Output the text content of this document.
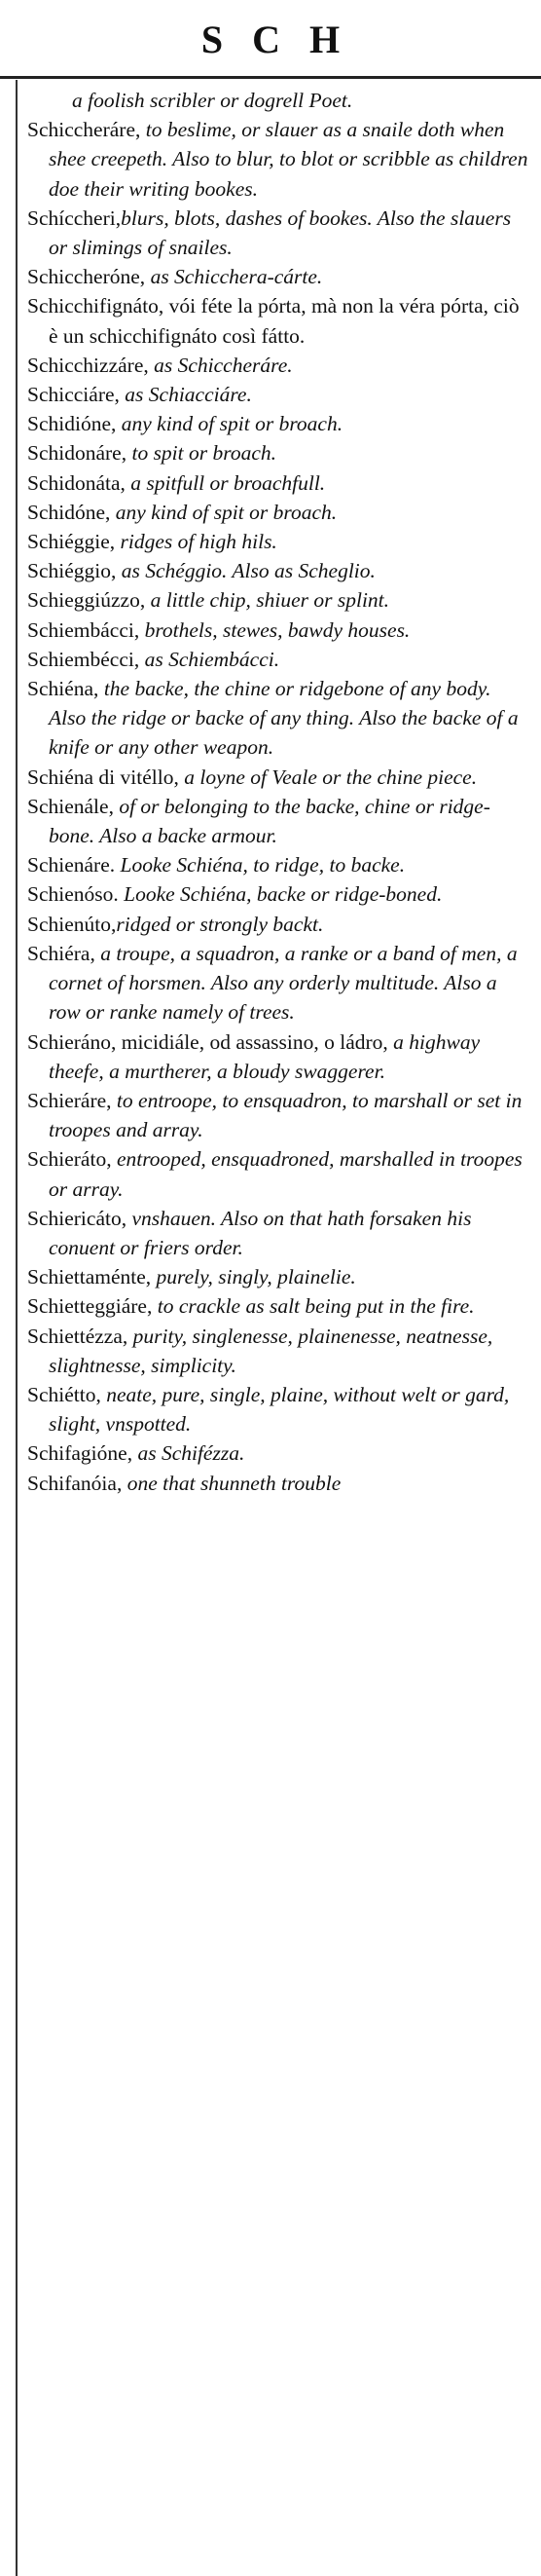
SCH

a foolish scribler or dogrell Poet.

Schiccheráre, to beslime, or slauer as a snaile doth when shee creepeth. Also to blur, to blot or scribble as children doe their writing bookes.

Schíccheri,blurs, blots, dashes of bookes. Also the slauers or slimings of snailes.

Schiccheróne, as Schicchera-cárte.

Schicchifignáto, vói féte la pórta, mà non la véra pórta, ciò è un schicchifignáto così fátto.

Schicchizzáre, as Schiccheráre.

Schicciáre, as Schiacciáre.

Schidióne, any kind of spit or broach.

Schidonáre, to spit or broach.

Schidonáta, a spitfull or broachfull.

Schidóne, any kind of spit or broach.

Schiéggie, ridges of high hils.

Schiéggio, as Schéggio. Also as Scheglio.

Schieggiúzzo, a little chip, shiuer or splint.

Schiembácci, brothels, stewes, bawdy houses.

Schiembécci, as Schiembácci.

Schiéna, the backe, the chine or ridgebone of any body. Also the ridge or backe of any thing. Also the backe of a knife or any other weapon.

Schiéna di vitéllo, a loyne of Veale or the chine piece.

Schienále, of or belonging to the backe, chine or ridge-bone. Also a backe armour.

Schienáre. Looke Schiéna, to ridge, to backe.

Schienóso. Looke Schiéna, backe or ridge-boned.

Schienúto,ridged or strongly backt.

Schiéra, a troupe, a squadron, a ranke or a band of men, a cornet of horsmen. Also any orderly multitude. Also a row or ranke namely of trees.

Schieráno, micidiále, od assassino, o ládro, a highway theefe, a murtherer, a bloudy swaggerer.

Schieráre, to entroope, to ensquadron, to marshall or set in troopes and array.

Schieráto, entrooped, ensquadroned, marshalled in troopes or array.

Schiericáto, vnshauen. Also on that hath forsaken his conuent or friers order.

Schiettaménte, purely, singly, plainelie.

Schietteggiáre, to crackle as salt being put in the fire.

Schiettézza, purity, singlenesse, plainenesse, neatnesse, slightnesse, simplicity.

Schiétto, neate, pure, single, plaine, without welt or gard, slight, vnspotted.

Schifagióne, as Schifézza.

Schifanóia, one that shunneth trouble
